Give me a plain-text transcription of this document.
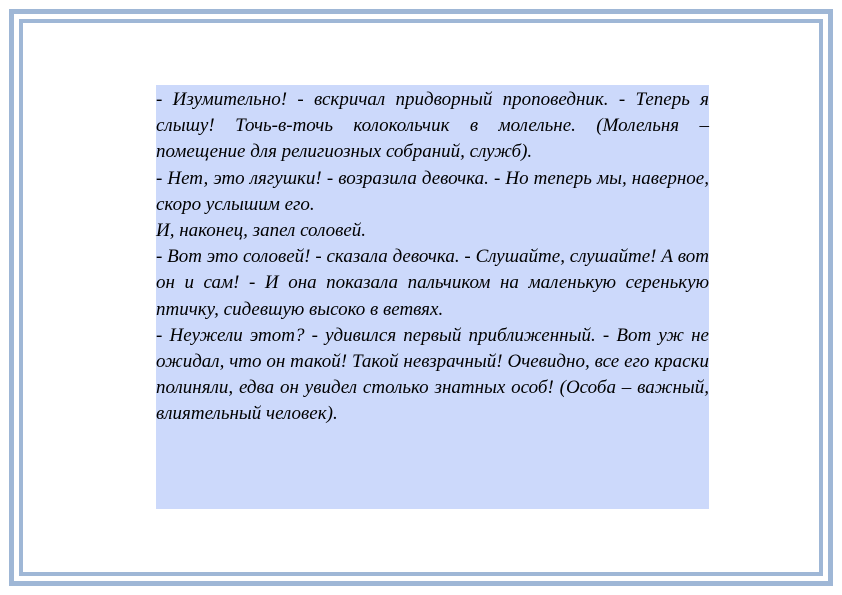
- Изумительно! - вскричал придворный проповедник. - Теперь я слышу! Точь-в-точь колокольчик в молельне. (Молельня – помещение для религиозных собраний, служб).

- Нет, это лягушки! - возразила девочка. - Но теперь мы, наверное, скоро услышим его.

И, наконец, запел соловей.

- Вот это соловей! - сказала девочка. - Слушайте, слушайте! А вот он и сам! - И она показала пальчиком на маленькую серенькую птичку, сидевшую высоко в ветвях.

- Неужели этот? - удивился первый приближенный. - Вот уж не ожидал, что он такой! Такой невзрачный! Очевидно, все его краски полиняли, едва он увидел столько знатных особ! (Особа – важный, влиятельный человек).
